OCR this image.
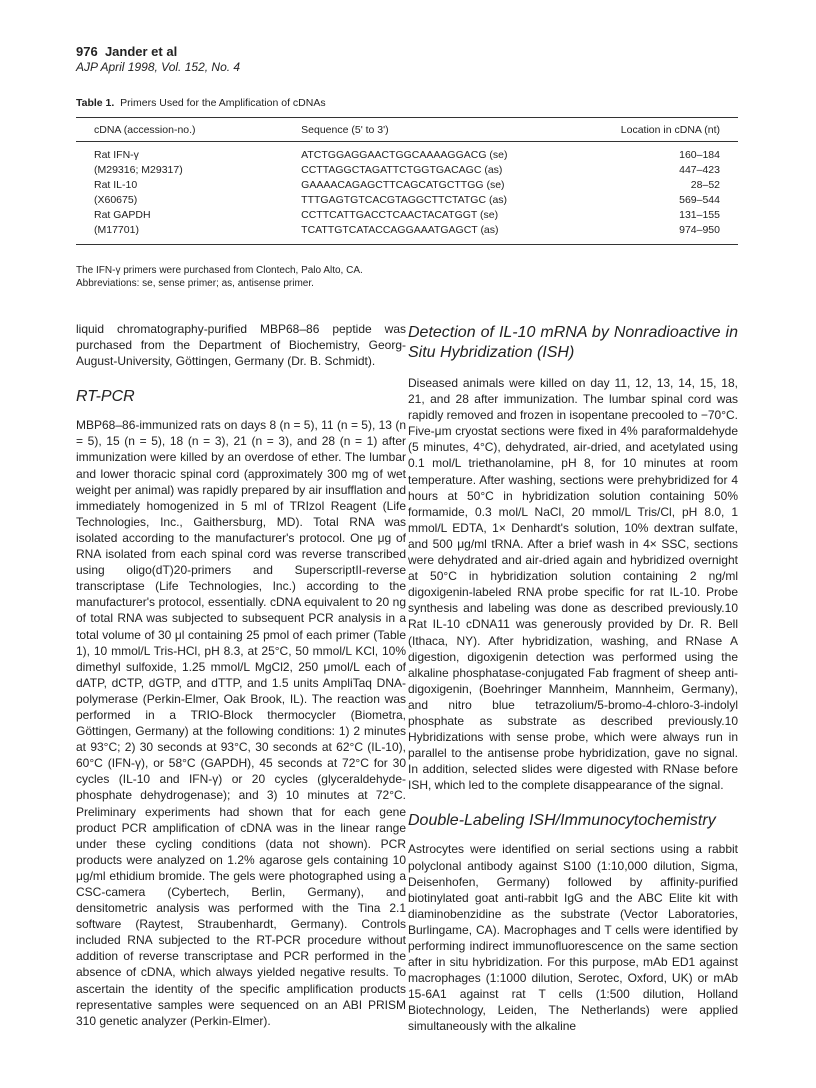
976 Jander et al
AJP April 1998, Vol. 152, No. 4
Table 1. Primers Used for the Amplification of cDNAs
cDNA (accession-no.)	Sequence (5' to 3')	Location in cDNA (nt)
Rat IFN-γ	ATCTGGAGGAACTGGCAAAAGGACG (se)	160–184
(M29316; M29317)	CCTTAGGCTAGATTCTGGTGACAGC (as)	447–423
Rat IL-10	GAAAACAGAGCTTCAGCATGCTTGG (se)	28–52
(X60675)	TTTGAGTGTCACGTAGGCTTCTATGC (as)	569–544
Rat GAPDH	CCTTCATTGACCTCAACTACATGGT (se)	131–155
(M17701)	TCATTGTCATACCAGGAAATGAGCT (as)	974–950
The IFN-γ primers were purchased from Clontech, Palo Alto, CA.
Abbreviations: se, sense primer; as, antisense primer.

liquid chromatography-purified MBP68–86 peptide was purchased from the Department of Biochemistry, Georg-August-University, Göttingen, Germany (Dr. B. Schmidt).

RT-PCR

MBP68–86-immunized rats on days 8 (n = 5), 11 (n = 5), 13 (n = 5), 15 (n = 5), 18 (n = 3), 21 (n = 3), and 28 (n = 1) after immunization were killed by an overdose of ether. The lumbar and lower thoracic spinal cord (approximately 300 mg of wet weight per animal) was rapidly prepared by air insufflation and immediately homogenized in 5 ml of TRIzol Reagent (Life Technologies, Inc., Gaithersburg, MD). Total RNA was isolated according to the manufacturer's protocol. One μg of RNA isolated from each spinal cord was reverse transcribed using oligo(dT)20-primers and SuperscriptII-reverse transcriptase (Life Technologies, Inc.) according to the manufacturer's protocol, essentially. cDNA equivalent to 20 ng of total RNA was subjected to subsequent PCR analysis in a total volume of 30 μl containing 25 pmol of each primer (Table 1), 10 mmol/L Tris-HCl, pH 8.3, at 25°C, 50 mmol/L KCl, 10% dimethyl sulfoxide, 1.25 mmol/L MgCl2, 250 μmol/L each of dATP, dCTP, dGTP, and dTTP, and 1.5 units AmpliTaq DNA-polymerase (Perkin-Elmer, Oak Brook, IL). The reaction was performed in a TRIO-Block thermocycler (Biometra, Göttingen, Germany) at the following conditions: 1) 2 minutes at 93°C; 2) 30 seconds at 93°C, 30 seconds at 62°C (IL-10), 60°C (IFN-γ), or 58°C (GAPDH), 45 seconds at 72°C for 30 cycles (IL-10 and IFN-γ) or 20 cycles (glyceraldehyde-phosphate dehydrogenase); and 3) 10 minutes at 72°C. Preliminary experiments had shown that for each gene product PCR amplification of cDNA was in the linear range under these cycling conditions (data not shown). PCR products were analyzed on 1.2% agarose gels containing 10 μg/ml ethidium bromide. The gels were photographed using a CSC-camera (Cybertech, Berlin, Germany), and densitometric analysis was performed with the Tina 2.1 software (Raytest, Straubenhardt, Germany). Controls included RNA subjected to the RT-PCR procedure without addition of reverse transcriptase and PCR performed in the absence of cDNA, which always yielded negative results. To ascertain the identity of the specific amplification products representative samples were sequenced on an ABI PRISM 310 genetic analyzer (Perkin-Elmer).

Detection of IL-10 mRNA by Nonradioactive in Situ Hybridization (ISH)

Diseased animals were killed on day 11, 12, 13, 14, 15, 18, 21, and 28 after immunization. The lumbar spinal cord was rapidly removed and frozen in isopentane precooled to −70°C. Five-μm cryostat sections were fixed in 4% paraformaldehyde (5 minutes, 4°C), dehydrated, air-dried, and acetylated using 0.1 mol/L triethanolamine, pH 8, for 10 minutes at room temperature. After washing, sections were prehybridized for 4 hours at 50°C in hybridization solution containing 50% formamide, 0.3 mol/L NaCl, 20 mmol/L Tris/Cl, pH 8.0, 1 mmol/L EDTA, 1× Denhardt's solution, 10% dextran sulfate, and 500 μg/ml tRNA. After a brief wash in 4× SSC, sections were dehydrated and air-dried again and hybridized overnight at 50°C in hybridization solution containing 2 ng/ml digoxigenin-labeled RNA probe specific for rat IL-10. Probe synthesis and labeling was done as described previously.10 Rat IL-10 cDNA11 was generously provided by Dr. R. Bell (Ithaca, NY). After hybridization, washing, and RNase A digestion, digoxigenin detection was performed using the alkaline phosphatase-conjugated Fab fragment of sheep anti-digoxigenin, (Boehringer Mannheim, Mannheim, Germany), and nitro blue tetrazolium/5-bromo-4-chloro-3-indolyl phosphate as substrate as described previously.10 Hybridizations with sense probe, which were always run in parallel to the antisense probe hybridization, gave no signal. In addition, selected slides were digested with RNase before ISH, which led to the complete disappearance of the signal.

Double-Labeling ISH/Immunocytochemistry

Astrocytes were identified on serial sections using a rabbit polyclonal antibody against S100 (1:10,000 dilution, Sigma, Deisenhofen, Germany) followed by affinity-purified biotinylated goat anti-rabbit IgG and the ABC Elite kit with diaminobenzidine as the substrate (Vector Laboratories, Burlingame, CA). Macrophages and T cells were identified by performing indirect immunofluorescence on the same section after in situ hybridization. For this purpose, mAb ED1 against macrophages (1:1000 dilution, Serotec, Oxford, UK) or mAb 15-6A1 against rat T cells (1:500 dilution, Holland Biotechnology, Leiden, The Netherlands) were applied simultaneously with the alkaline
